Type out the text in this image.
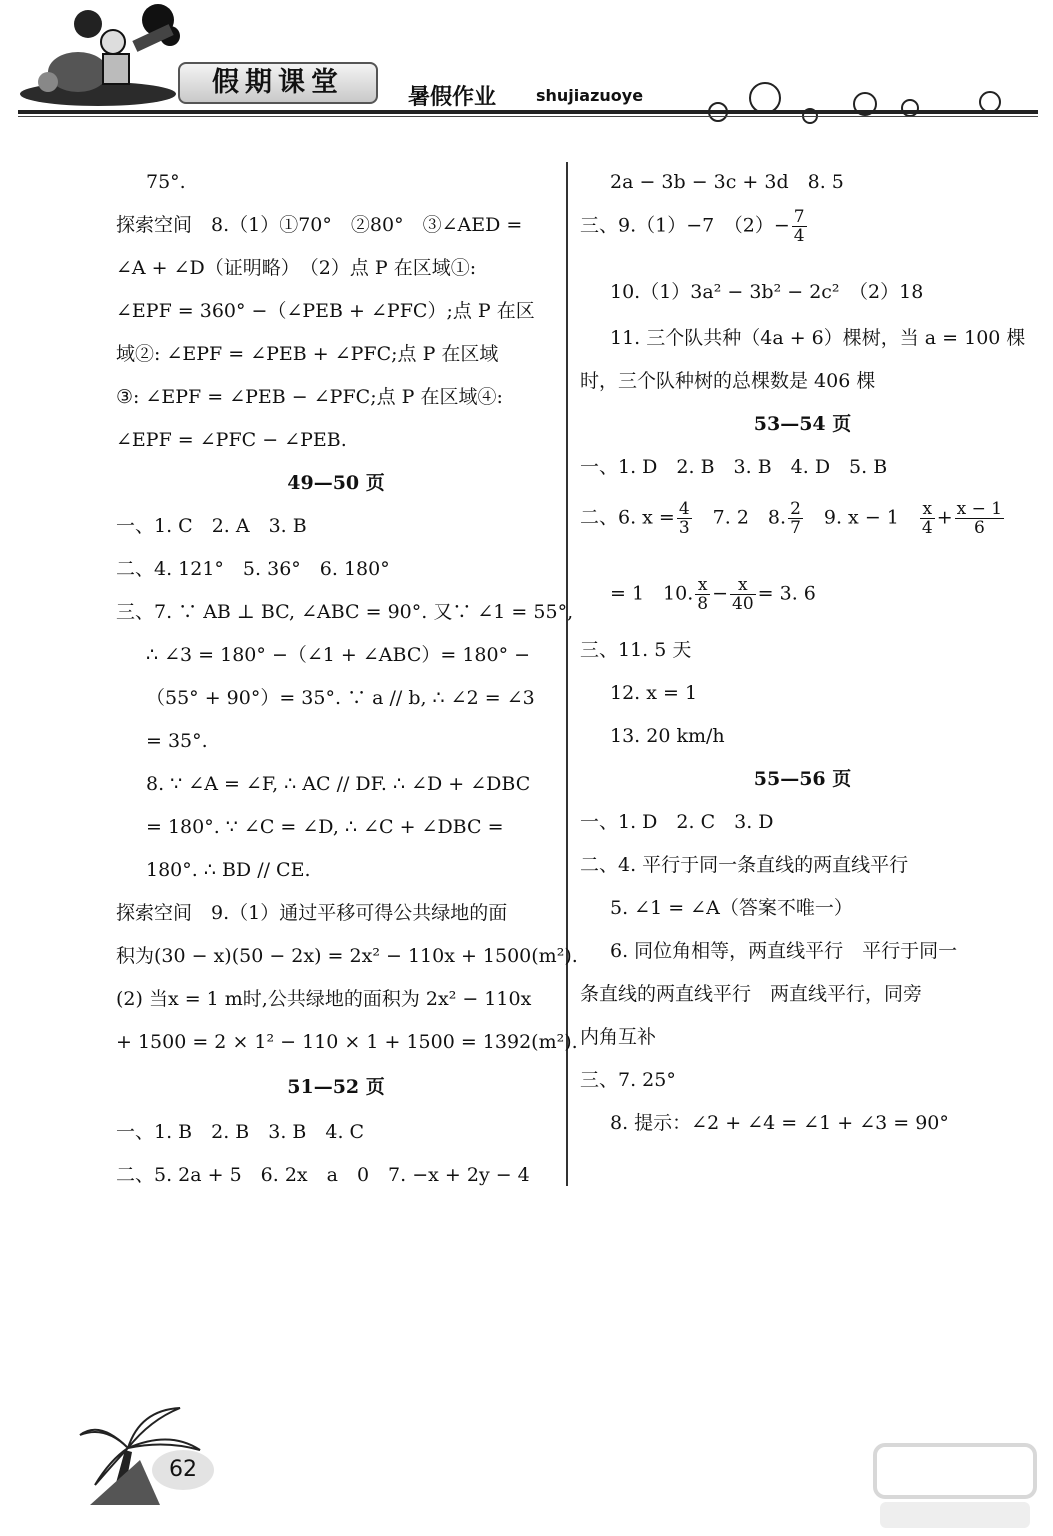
假期课堂	暑假作业 shujiazuoye
75°.
探索空间　8.（1）①70°　②80°　③∠AED =
∠A + ∠D（证明略）　（2）点 P 在区域①:
∠EPF = 360° −（∠PEB + ∠PFC）;点 P 在区
域②: ∠EPF = ∠PEB + ∠PFC;点 P 在区域
③: ∠EPF = ∠PEB − ∠PFC;点 P 在区域④:
∠EPF = ∠PFC − ∠PEB.
49—50 页
一、1. C　2. A　3. B
二、4. 121°　5. 36°　6. 180°
三、7. ∵ AB ⊥ BC, ∠ABC = 90°. 又∵ ∠1 = 55°,
∴ ∠3 = 180° −（∠1 + ∠ABC）= 180° −
（55° + 90°）= 35°. ∵ a // b, ∴ ∠2 = ∠3
= 35°.
8. ∵ ∠A = ∠F, ∴ AC // DF. ∴ ∠D + ∠DBC
= 180°. ∵ ∠C = ∠D, ∴ ∠C + ∠DBC =
180°. ∴ BD // CE.
探索空间　9.（1）通过平移可得公共绿地的面
积为(30 − x)(50 − 2x) = 2x² − 110x + 1500(m²).
(2) 当x = 1 m时,公共绿地的面积为 2x² − 110x
+ 1500 = 2 × 1² − 110 × 1 + 1500 = 1392(m²).
51—52 页
一、1. B　2. B　3. B　4. C
二、5. 2a + 5　6. 2x　a　0　7. −x + 2y − 4
2a − 3b − 3c + 3d　8. 5
三、9.（1）−7　$(2)- \frac{7}{4}$
10.（1）3a² − 3b² − 2c²　（2）18
11. 三个队共种（4a + 6）棵树，当 a = 100 棵
时，三个队种树的总棵数是 406 棵
53—54 页
一、1. D　2. B　3. B　4. D　5. B
二、6. $x = \frac{4}{3}$ 　7. 2　8. $\frac{2}{7}$ 　9. x − 1　 $\frac{x}{4} + \frac{x - 1}{6}$
= 1　10. $\frac{x}{8} - \frac{x}{40} = 3$. 6
三、11. 5 天
12. x = 1
13. 20 km/h
55—56 页
一、1. D　2. C　3. D
二、4. 平行于同一条直线的两直线平行
5. ∠1 = ∠A（答案不唯一）
6. 同位角相等，两直线平行　平行于同一
条直线的两直线平行　两直线平行，同旁
内角互补
三、7. 25°
8. 提示：∠2 + ∠4 = ∠1 + ∠3 = 90°
62
